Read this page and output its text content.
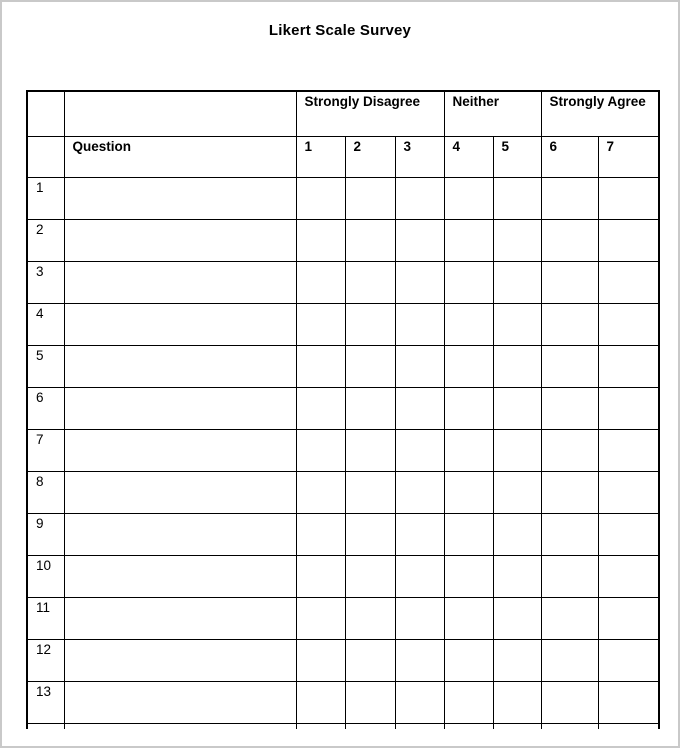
Likert Scale Survey
		Strongly Disagree			Neither		Strongly Agree	
	Question	1	2	3	4	5	6	7
1								
2								
3								
4								
5								
6								
7								
8								
9								
10								
11								
12								
13								
